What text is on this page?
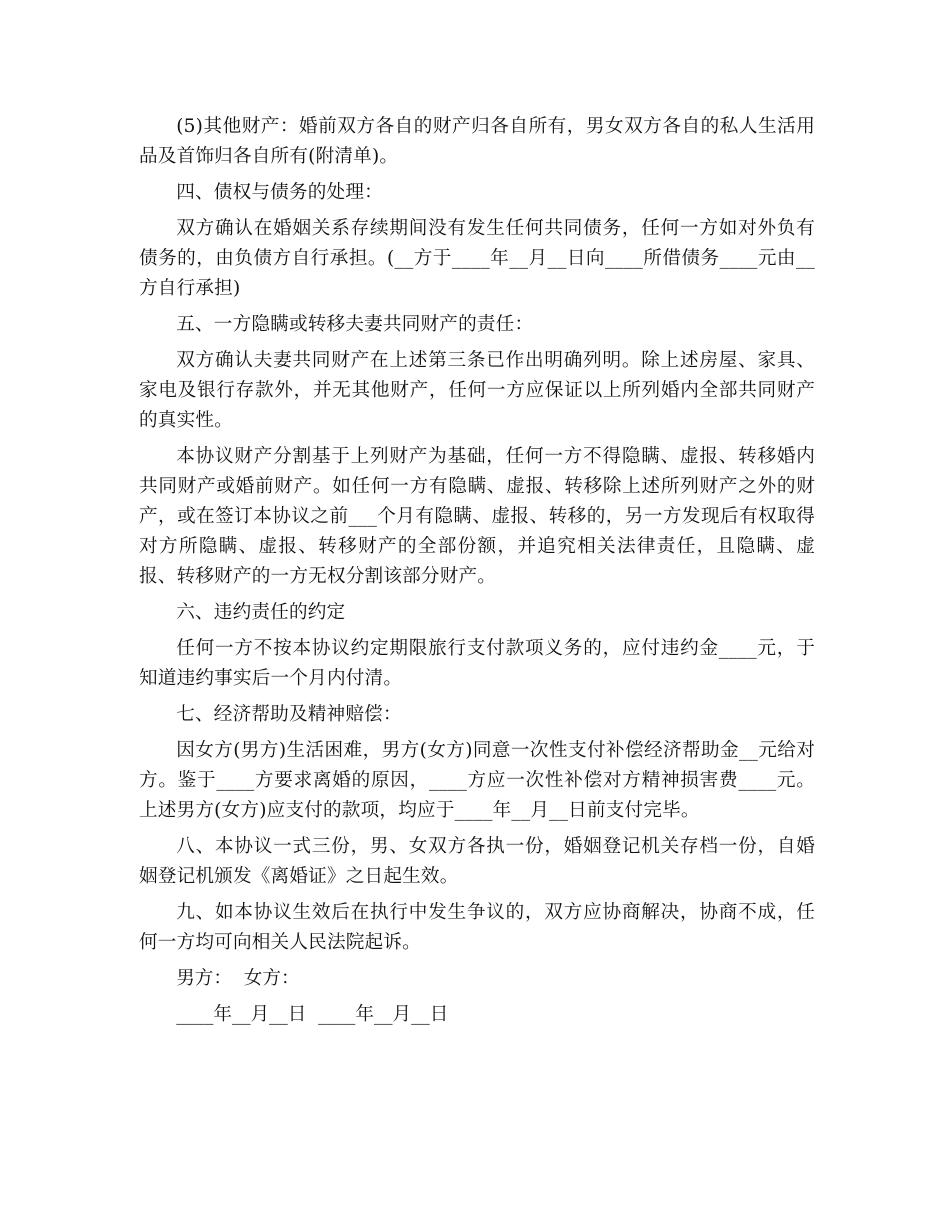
(5)其他财产：婚前双方各自的财产归各自所有，男女双方各自的私人生活用品及首饰归各自所有(附清单)。

四、债权与债务的处理：

双方确认在婚姻关系存续期间没有发生任何共同债务，任何一方如对外负有债务的，由负债方自行承担。(__方于____年__月__日向____所借债务____元由__方自行承担)

五、一方隐瞒或转移夫妻共同财产的责任：

双方确认夫妻共同财产在上述第三条已作出明确列明。除上述房屋、家具、家电及银行存款外，并无其他财产，任何一方应保证以上所列婚内全部共同财产的真实性。

本协议财产分割基于上列财产为基础，任何一方不得隐瞒、虚报、转移婚内共同财产或婚前财产。如任何一方有隐瞒、虚报、转移除上述所列财产之外的财产，或在签订本协议之前___个月有隐瞒、虚报、转移的，另一方发现后有权取得对方所隐瞒、虚报、转移财产的全部份额，并追究相关法律责任，且隐瞒、虚报、转移财产的一方无权分割该部分财产。

六、违约责任的约定

任何一方不按本协议约定期限旅行支付款项义务的，应付违约金____元，于知道违约事实后一个月内付清。

七、经济帮助及精神赔偿：

因女方(男方)生活困难，男方(女方)同意一次性支付补偿经济帮助金__元给对方。鉴于____方要求离婚的原因，____方应一次性补偿对方精神损害费____元。上述男方(女方)应支付的款项，均应于____年__月__日前支付完毕。

八、本协议一式三份，男、女双方各执一份，婚姻登记机关存档一份，自婚姻登记机颁发《离婚证》之日起生效。

九、如本协议生效后在执行中发生争议的，双方应协商解决，协商不成，任何一方均可向相关人民法院起诉。

男方：  女方：

____年__月__日  ____年__月__日
